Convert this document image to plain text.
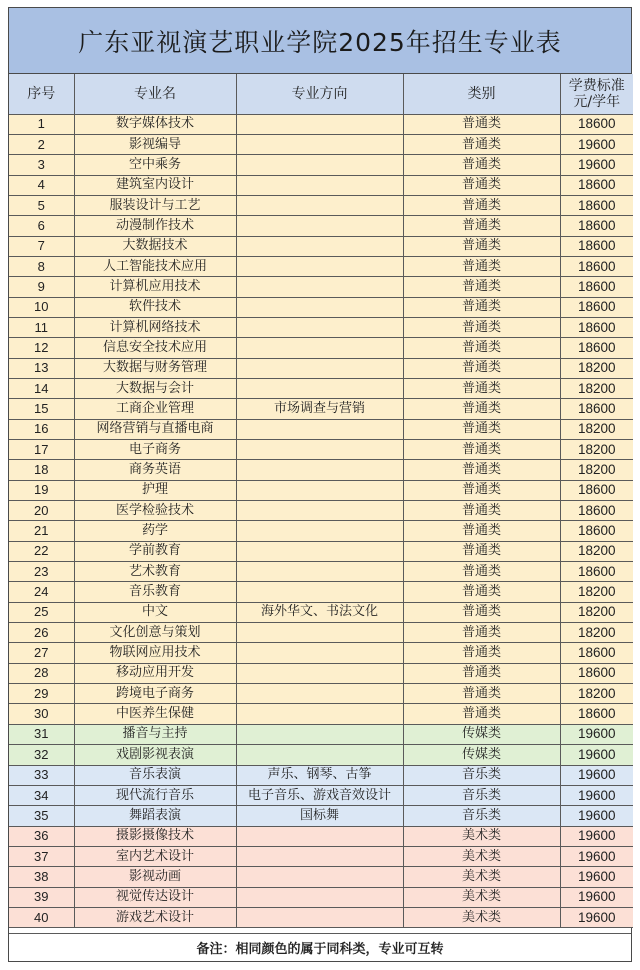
广东亚视演艺职业学院2025年招生专业表
序号	专业名	专业方向	类别	学费标准
元/学年

1	数字媒体技术		普通类	18600
2	影视编导		普通类	19600
3	空中乘务		普通类	19600
4	建筑室内设计		普通类	18600
5	服装设计与工艺		普通类	18600
6	动漫制作技术		普通类	18600
7	大数据技术		普通类	18600
8	人工智能技术应用		普通类	18600
9	计算机应用技术		普通类	18600
10	软件技术		普通类	18600
11	计算机网络技术		普通类	18600
12	信息安全技术应用		普通类	18600
13	大数据与财务管理		普通类	18200
14	大数据与会计		普通类	18200
15	工商企业管理	市场调查与营销	普通类	18600
16	网络营销与直播电商		普通类	18200
17	电子商务		普通类	18200
18	商务英语		普通类	18200
19	护理		普通类	18600
20	医学检验技术		普通类	18600
21	药学		普通类	18600
22	学前教育		普通类	18200
23	艺术教育		普通类	18600
24	音乐教育		普通类	18200
25	中文	海外华文、书法文化	普通类	18200
26	文化创意与策划		普通类	18200
27	物联网应用技术		普通类	18600
28	移动应用开发		普通类	18600
29	跨境电子商务		普通类	18200
30	中医养生保健		普通类	18600
31	播音与主持		传媒类	19600
32	戏剧影视表演		传媒类	19600
33	音乐表演	声乐、钢琴、古筝	音乐类	19600
34	现代流行音乐	电子音乐、游戏音效设计	音乐类	19600
35	舞蹈表演	国标舞	音乐类	19600
36	摄影摄像技术		美术类	19600
37	室内艺术设计		美术类	19600
38	影视动画		美术类	19600
39	视觉传达设计		美术类	19600
40	游戏艺术设计		美术类	19600
备注：相同颜色的属于同科类，专业可互转
